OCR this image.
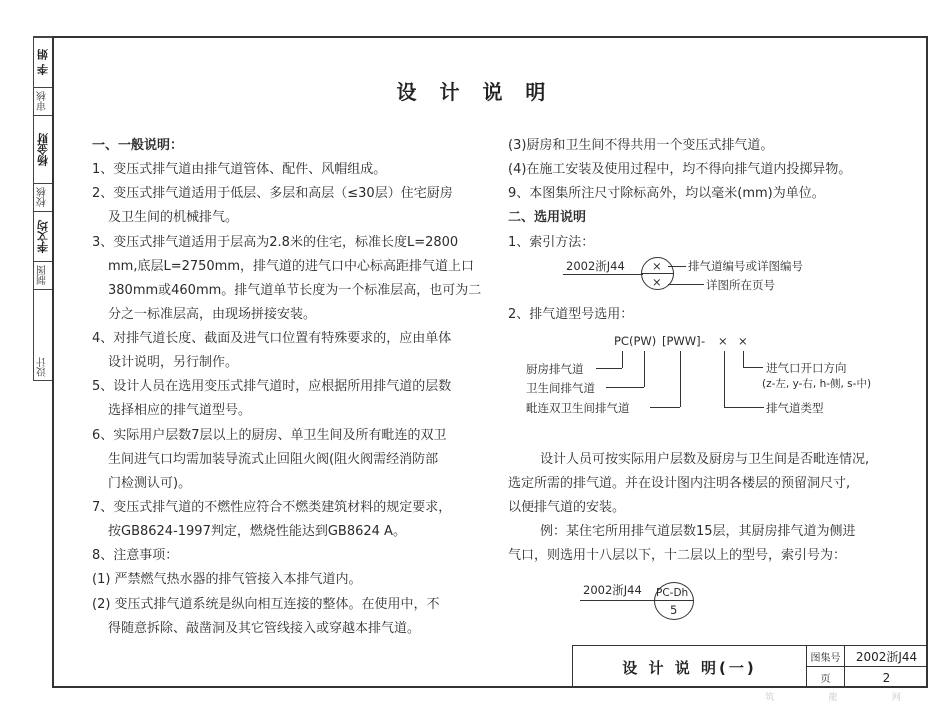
李 娟
审核
杨金财
校核
李文均
制图
设计
设 计 说 明
一、一般说明：
1、变压式排气道由排气道管体、配件、风帽组成。
2、变压式排气道适用于低层、多层和高层（≤30层）住宅厨房
及卫生间的机械排气。
3、变压式排气道适用于层高为2.8米的住宅，标准长度L=2800
mm,底层L=2750mm，排气道的进气口中心标高距排气道上口
380mm或460mm。排气道单节长度为一个标准层高，也可为二
分之一标准层高，由现场拼接安装。
4、对排气道长度、截面及进气口位置有特殊要求的，应由单体
设计说明，另行制作。
5、设计人员在选用变压式排气道时，应根据所用排气道的层数
选择相应的排气道型号。
6、实际用户层数7层以上的厨房、单卫生间及所有毗连的双卫
生间进气口均需加装导流式止回阻火阀(阻火阀需经消防部
门检测认可)。
7、变压式排气道的不燃性应符合不燃类建筑材料的规定要求，
按GB8624-1997判定，燃烧性能达到GB8624 A。
8、注意事项：
(1) 严禁燃气热水器的排气管接入本排气道内。
(2) 变压式排气道系统是纵向相互连接的整体。在使用中，不
得随意拆除、敲凿洞及其它管线接入或穿越本排气道。
(3)厨房和卫生间不得共用一个变压式排气道。
(4)在施工安装及使用过程中，均不得向排气道内投掷异物。
9、本图集所注尺寸除标高外，均以毫米(mm)为单位。
二、选用说明
1、索引方法：
2002浙J44 ×
×
排气道编号或详图编号
详图所在页号
2、排气道型号选用：
PC(PW) [PWW] - × ×
厨房排气道
卫生间排气道
毗连双卫生间排气道
进气口开口方向
(z-左, y-右, h-侧, s-中)
排气道类型
设计人员可按实际用户层数及厨房与卫生间是否毗连情况,
选定所需的排气道。并在设计图内注明各楼层的预留洞尺寸,
以便排气道的安装。
例：某住宅所用排气道层数15层，其厨房排气道为侧进
气口，则选用十八层以下，十二层以上的型号，索引号为：
2002浙J44 PC-Dh
5
设 计 说 明(一)
图集号	2002浙J44
页	2
筑	龍	网
